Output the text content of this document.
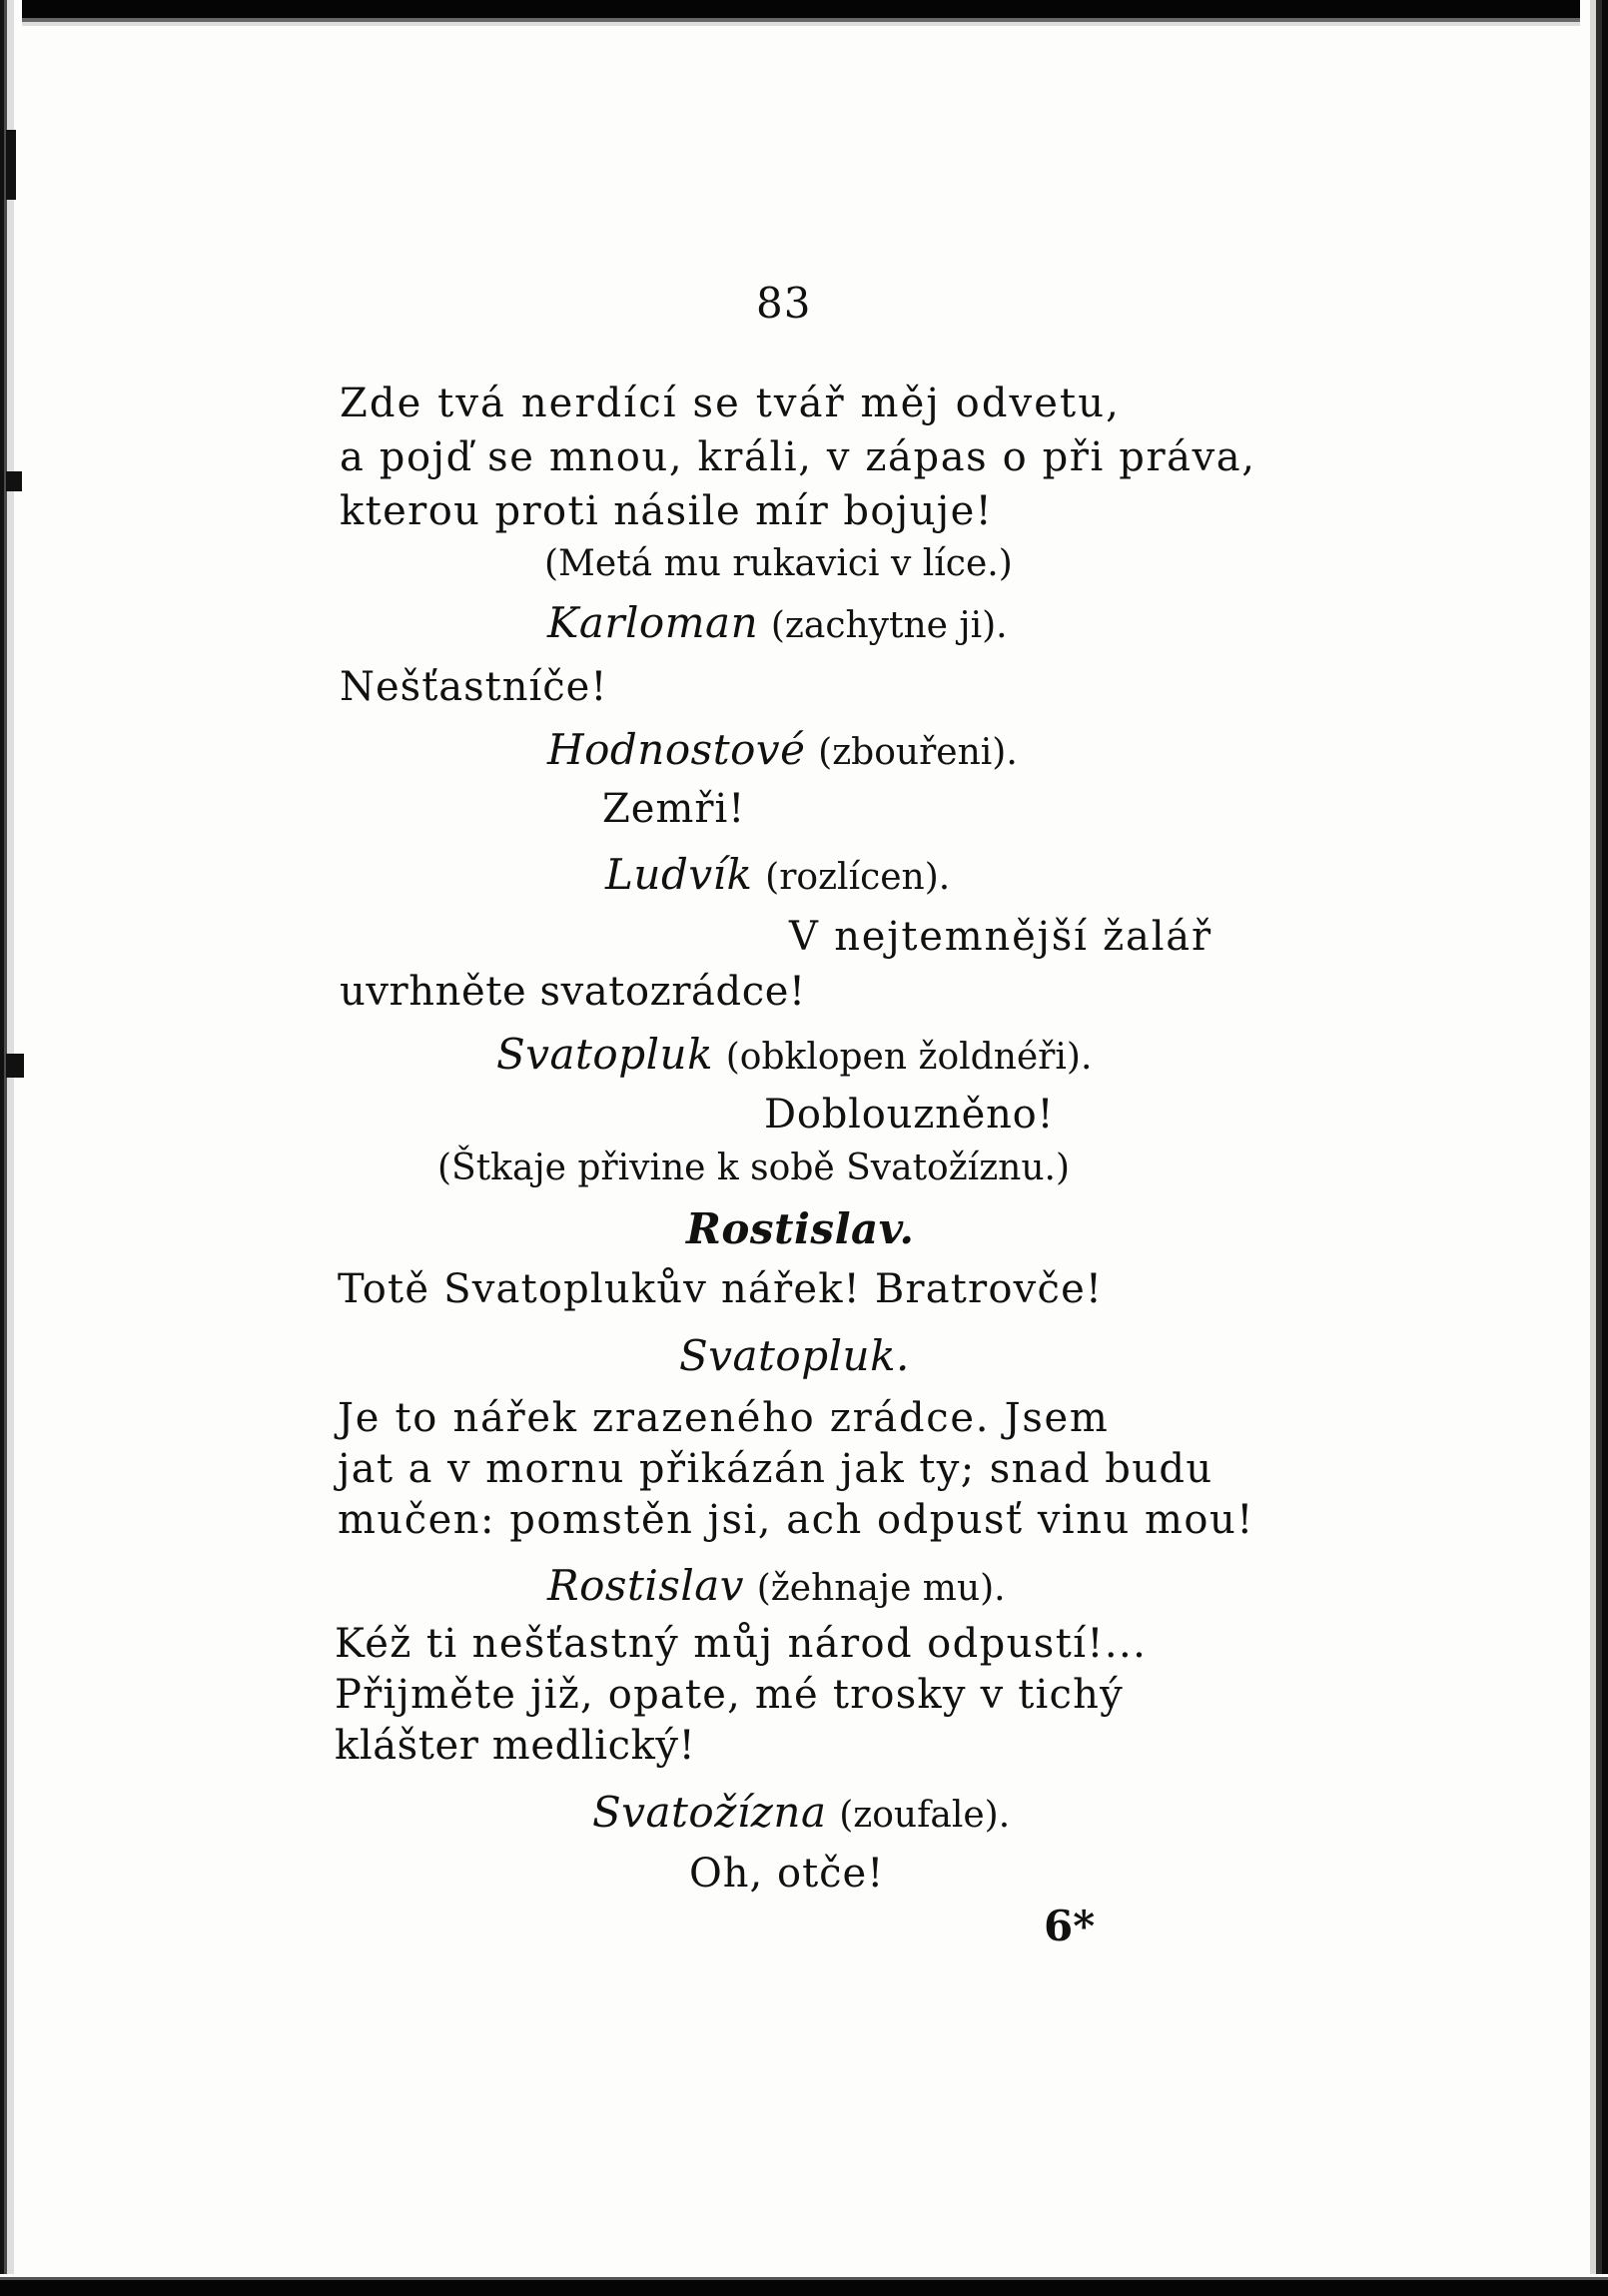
83
Zde tvá nerdící se tvář měj odvetu,
a pojď se mnou, králi, v zápas o při práva,
kterou proti násile mír bojuje!
(Metá mu rukavici v líce.)
Karloman (zachytne ji).
Nešťastníče!
Hodnostové (zbouřeni).
Zemři!
Ludvík (rozlícen).
V nejtemnější žalář
uvrhněte svatozrádce!
Svatopluk (obklopen žoldnéři).
Doblouzněno!
(Štkaje přivine k sobě Svatožíznu.)
Rostislav.
Totě Svatoplukův nářek! Bratrovče!
Svatopluk.
Je to nářek zrazeného zrádce. Jsem
jat a v mornu přikázán jak ty; snad budu
mučen: pomstěn jsi, ach odpusť vinu mou!
Rostislav (žehnaje mu).
Kéž ti nešťastný můj národ odpustí!...
Přijměte již, opate, mé trosky v tichý
klášter medlický!
Svatožízna (zoufale).
Oh, otče!
6*
